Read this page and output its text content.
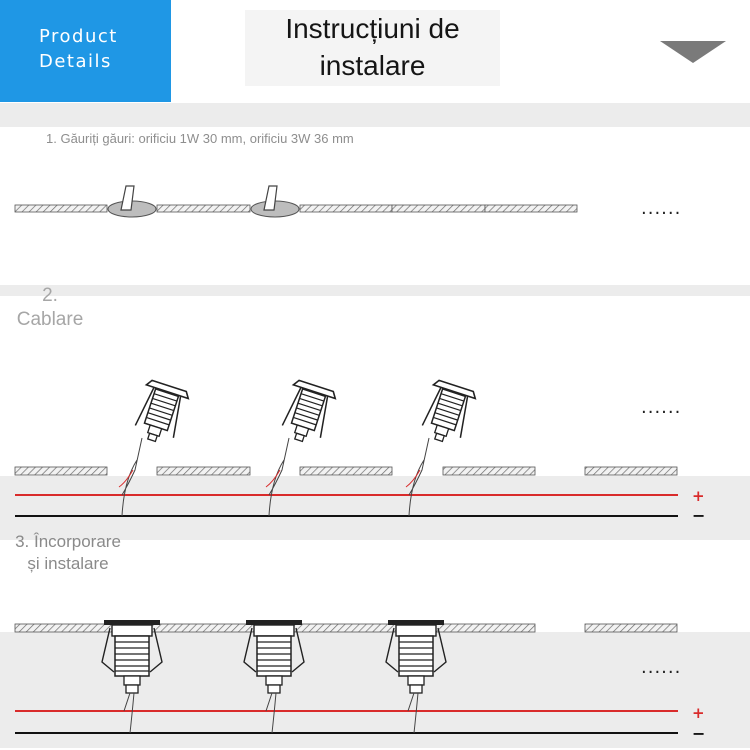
Product
Details
Instrucțiuni de
instalare
1. Găuriți găuri: orificiu 1W 30 mm, orificiu 3W 36 mm
2.
Cablare
3. Încorporare
și instalare
......
......
+
−
......
+
−
